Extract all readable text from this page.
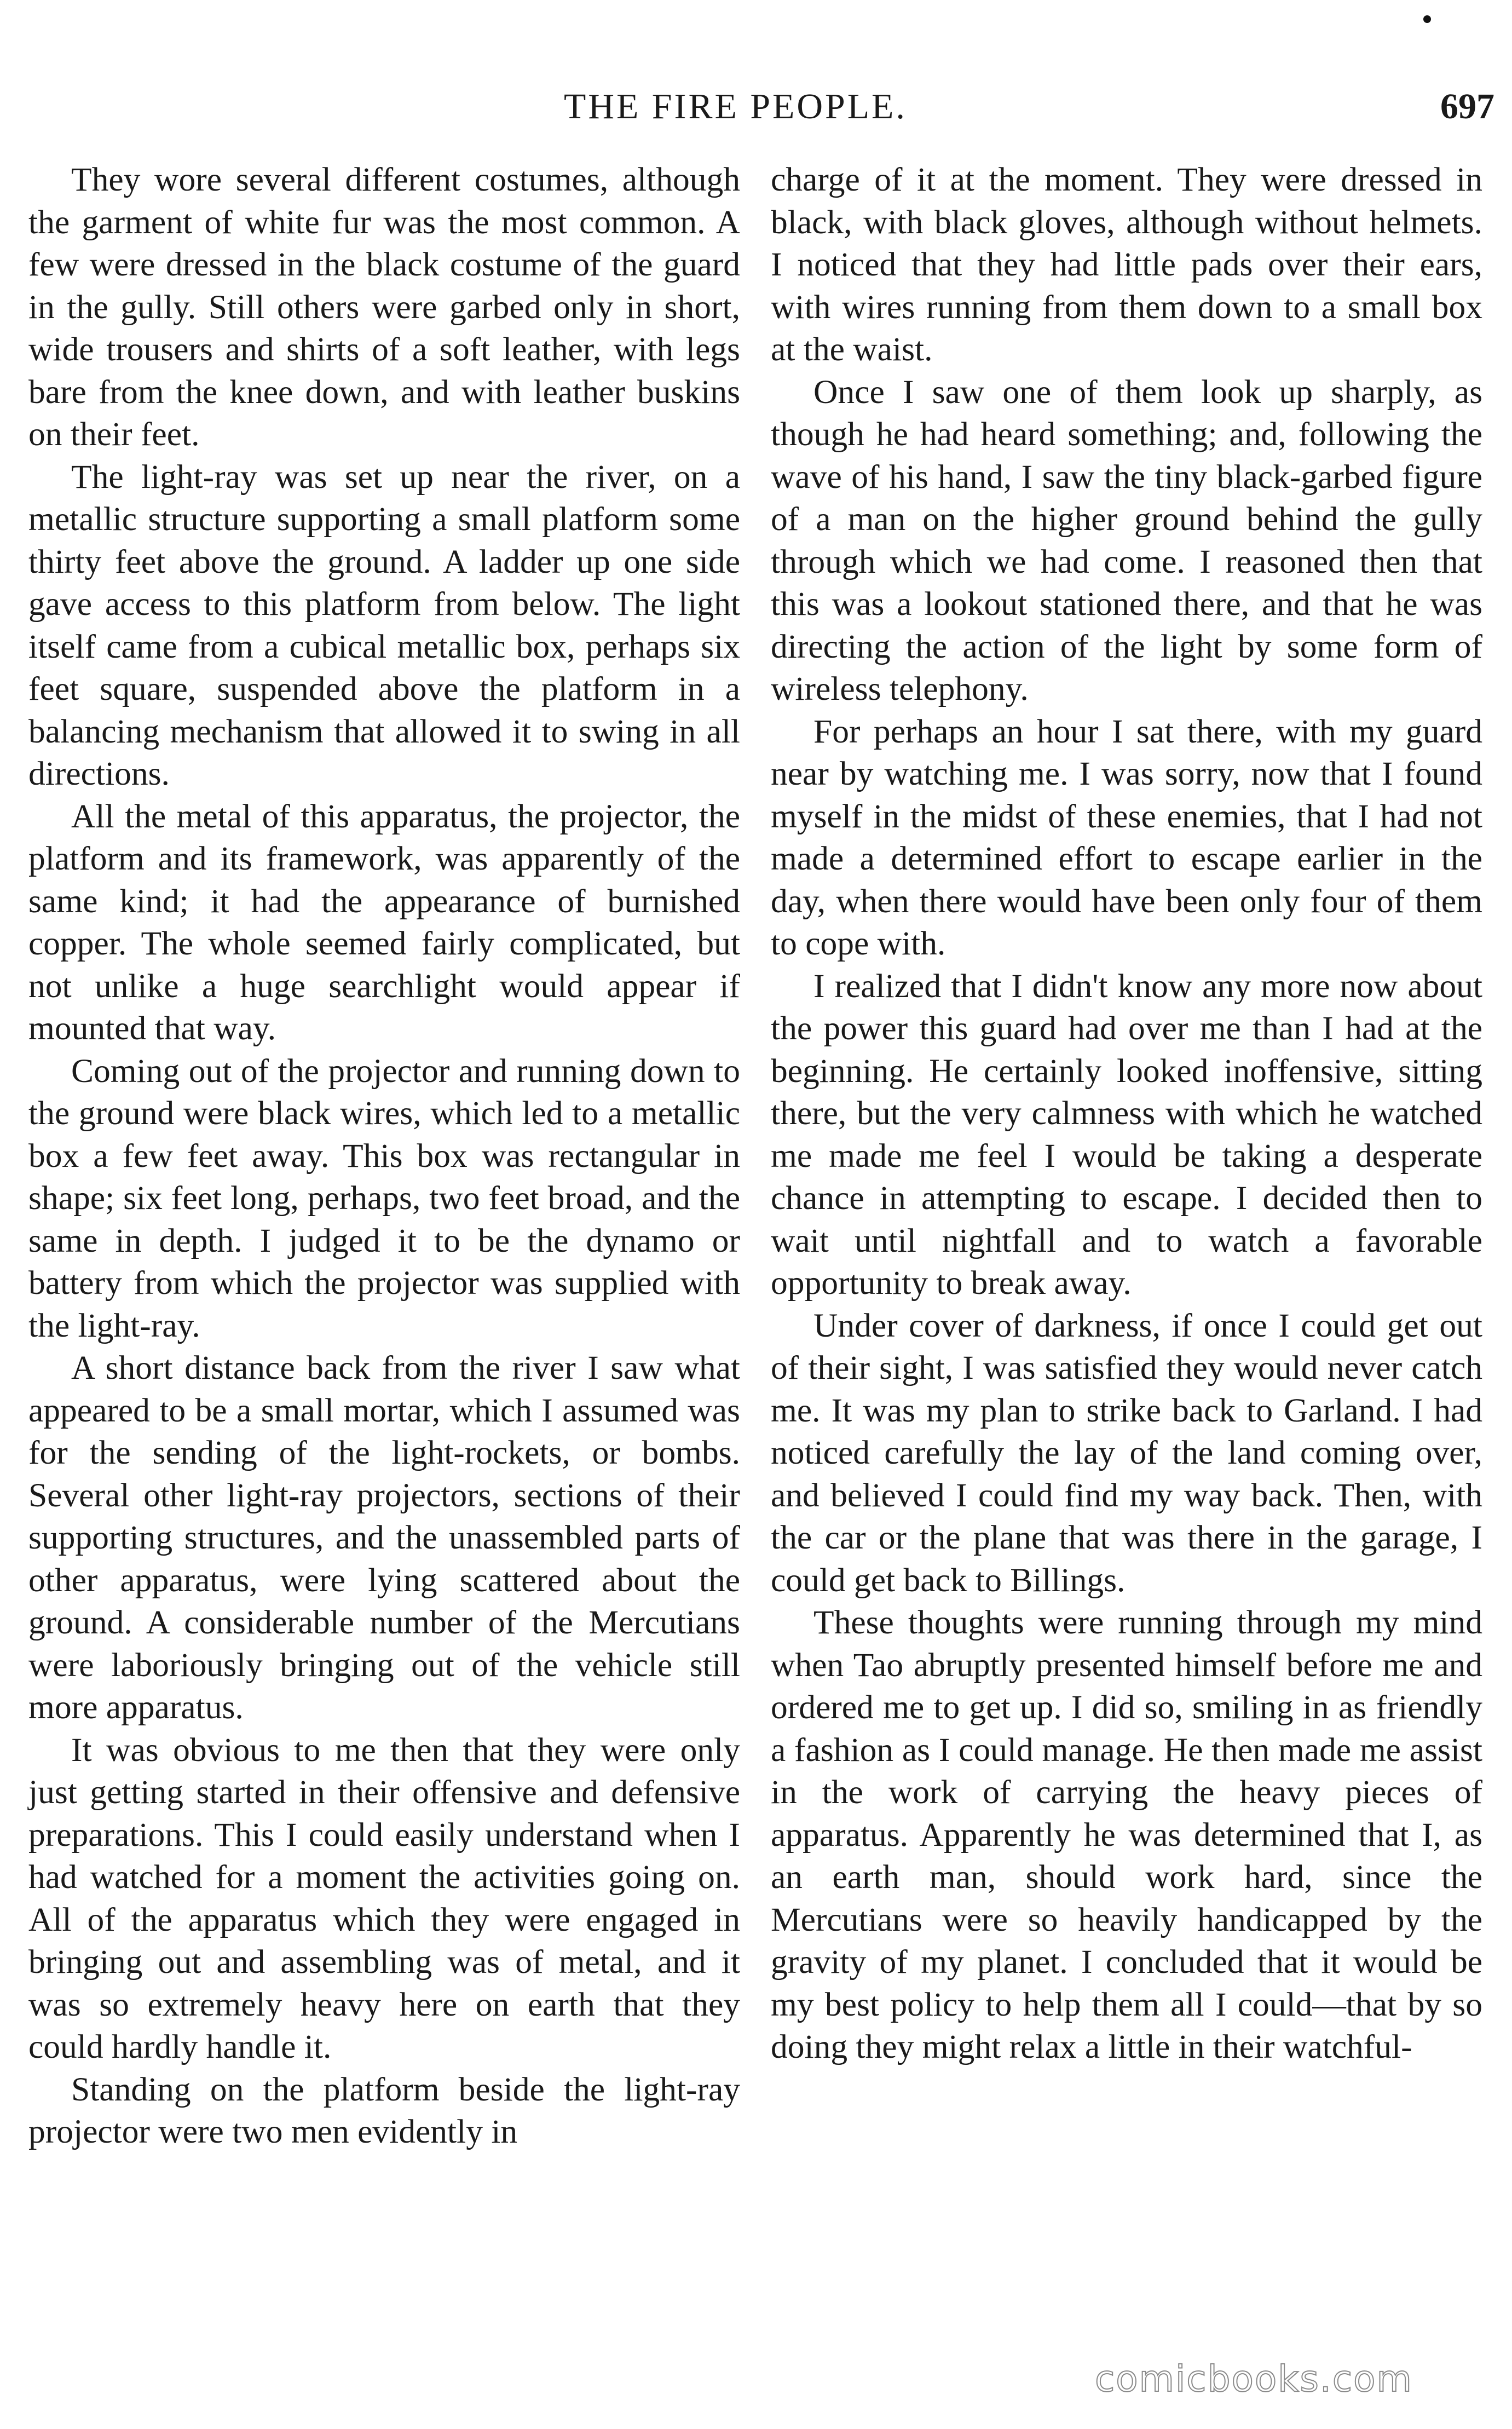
THE FIRE PEOPLE.	697

They wore several different costumes, although the garment of white fur was the most common. A few were dressed in the black costume of the guard in the gully. Still others were garbed only in short, wide trousers and shirts of a soft leather, with legs bare from the knee down, and with leather buskins on their feet.

The light-ray was set up near the river, on a metallic structure supporting a small platform some thirty feet above the ground. A ladder up one side gave access to this platform from below. The light itself came from a cubical metallic box, perhaps six feet square, suspended above the platform in a balancing mechanism that allowed it to swing in all directions.

All the metal of this apparatus, the projector, the platform and its framework, was apparently of the same kind; it had the appearance of burnished copper. The whole seemed fairly complicated, but not unlike a huge searchlight would appear if mounted that way.

Coming out of the projector and running down to the ground were black wires, which led to a metallic box a few feet away. This box was rectangular in shape; six feet long, perhaps, two feet broad, and the same in depth. I judged it to be the dynamo or battery from which the projector was supplied with the light-ray.

A short distance back from the river I saw what appeared to be a small mortar, which I assumed was for the sending of the light-rockets, or bombs. Several other light-ray projectors, sections of their supporting structures, and the unassembled parts of other apparatus, were lying scattered about the ground. A considerable number of the Mercutians were laboriously bringing out of the vehicle still more apparatus.

It was obvious to me then that they were only just getting started in their offensive and defensive preparations. This I could easily understand when I had watched for a moment the activities going on. All of the apparatus which they were engaged in bringing out and assembling was of metal, and it was so extremely heavy here on earth that they could hardly handle it.

Standing on the platform beside the light-ray projector were two men evidently in

charge of it at the moment. They were dressed in black, with black gloves, although without helmets. I noticed that they had little pads over their ears, with wires running from them down to a small box at the waist.

Once I saw one of them look up sharply, as though he had heard something; and, following the wave of his hand, I saw the tiny black-garbed figure of a man on the higher ground behind the gully through which we had come. I reasoned then that this was a lookout stationed there, and that he was directing the action of the light by some form of wireless telephony.

For perhaps an hour I sat there, with my guard near by watching me. I was sorry, now that I found myself in the midst of these enemies, that I had not made a determined effort to escape earlier in the day, when there would have been only four of them to cope with.

I realized that I didn't know any more now about the power this guard had over me than I had at the beginning. He certainly looked inoffensive, sitting there, but the very calmness with which he watched me made me feel I would be taking a desperate chance in attempting to escape. I decided then to wait until nightfall and to watch a favorable opportunity to break away.

Under cover of darkness, if once I could get out of their sight, I was satisfied they would never catch me. It was my plan to strike back to Garland. I had noticed carefully the lay of the land coming over, and believed I could find my way back. Then, with the car or the plane that was there in the garage, I could get back to Billings.

These thoughts were running through my mind when Tao abruptly presented himself before me and ordered me to get up. I did so, smiling in as friendly a fashion as I could manage. He then made me assist in the work of carrying the heavy pieces of apparatus. Apparently he was determined that I, as an earth man, should work hard, since the Mercutians were so heavily handicapped by the gravity of my planet. I concluded that it would be my best policy to help them all I could—that by so doing they might relax a little in their watchful-

comicbooks.com
